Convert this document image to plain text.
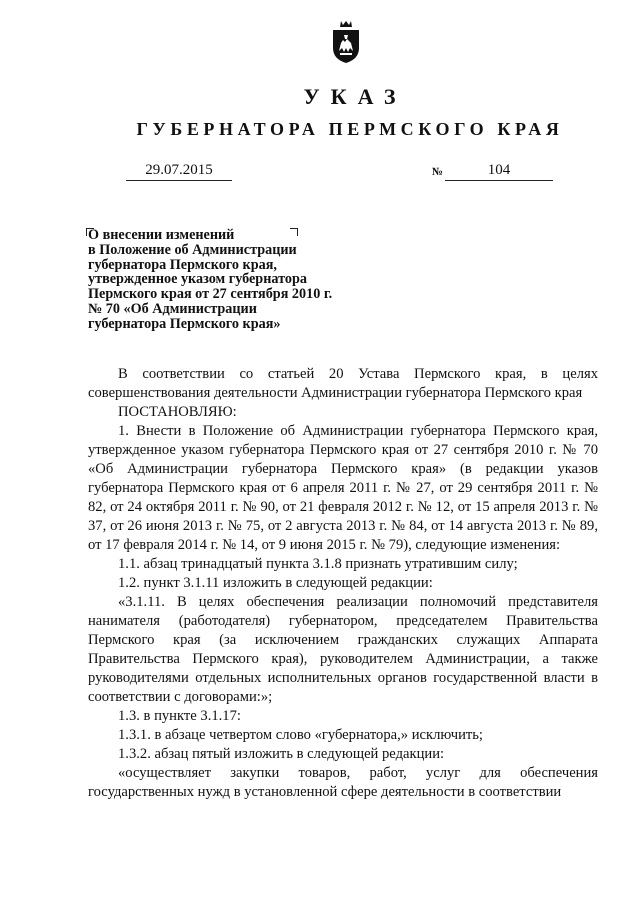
УКАЗ
ГУБЕРНАТОРА ПЕРМСКОГО КРАЯ
29.07.2015	№	104
О внесении изменений
в Положение об Администрации
губернатора Пермского края,
утвержденное указом губернатора
Пермского края от 27 сентября 2010 г.
№ 70 «Об Администрации
губернатора Пермского края»

В соответствии со статьей 20 Устава Пермского края, в целях совершенствования деятельности Администрации губернатора Пермского края

ПОСТАНОВЛЯЮ:

1. Внести в Положение об Администрации губернатора Пермского края, утвержденное указом губернатора Пермского края от 27 сентября 2010 г. № 70 «Об Администрации губернатора Пермского края» (в редакции указов губернатора Пермского края от 6 апреля 2011 г. № 27, от 29 сентября 2011 г. № 82, от 24 октября 2011 г. № 90, от 21 февраля 2012 г. № 12, от 15 апреля 2013 г. № 37, от 26 июня 2013 г. № 75, от 2 августа 2013 г. № 84, от 14 августа 2013 г. № 89, от 17 февраля 2014 г. № 14, от 9 июня 2015 г. № 79), следующие изменения:

1.1. абзац тринадцатый пункта 3.1.8 признать утратившим силу;

1.2. пункт 3.1.11 изложить в следующей редакции:

«3.1.11. В целях обеспечения реализации полномочий представителя нанимателя (работодателя) губернатором, председателем Правительства Пермского края (за исключением гражданских служащих Аппарата Правительства Пермского края), руководителем Администрации, а также руководителями отдельных исполнительных органов государственной власти в соответствии с договорами:»;

1.3. в пункте 3.1.17:

1.3.1. в абзаце четвертом слово «губернатора,» исключить;

1.3.2. абзац пятый изложить в следующей редакции:

«осуществляет закупки товаров, работ, услуг для обеспечения государственных нужд в установленной сфере деятельности в соответствии
